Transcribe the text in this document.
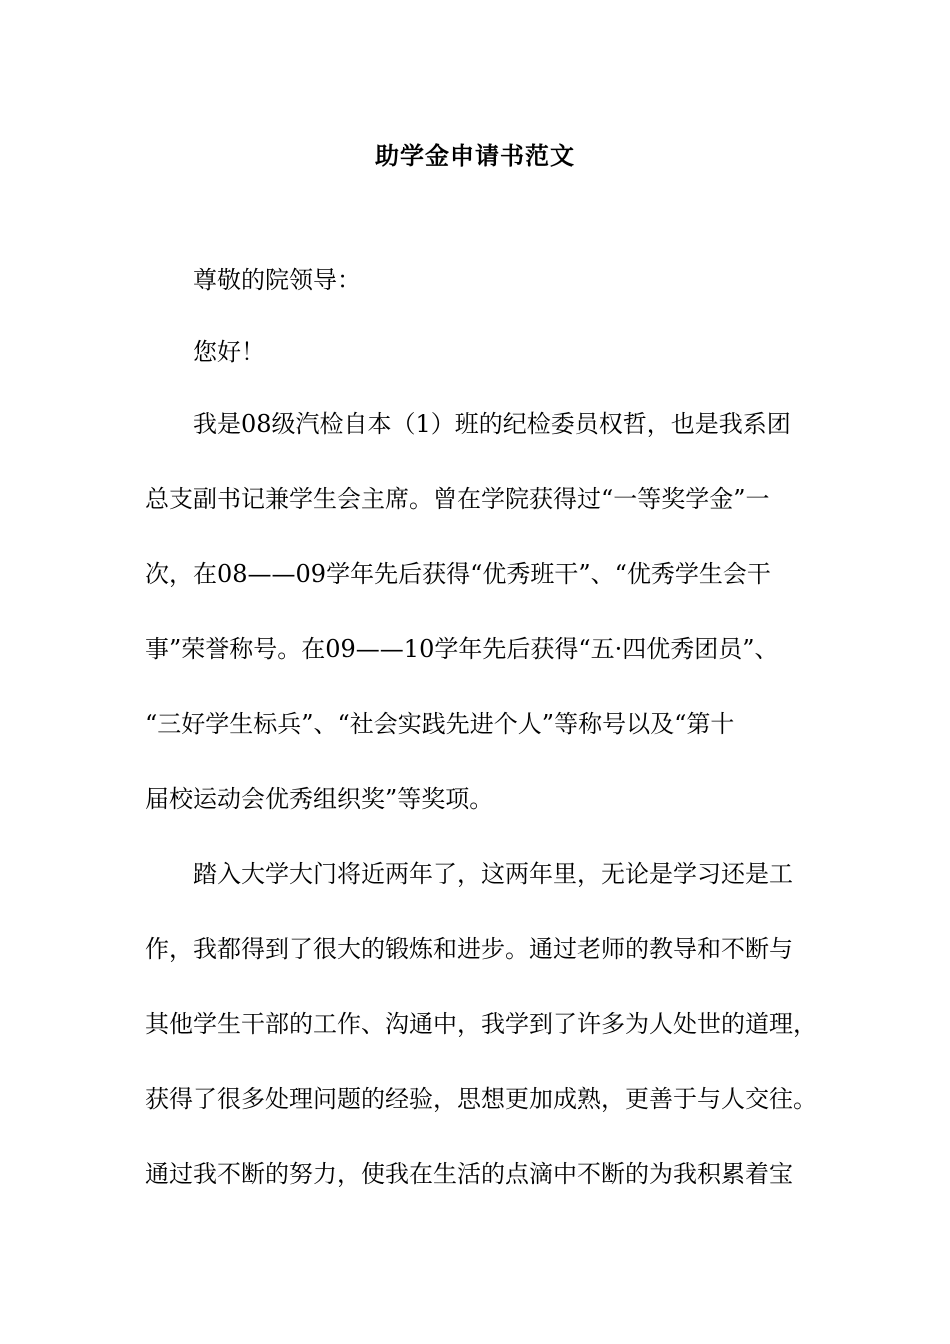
助学金申请书范文
尊敬的院领导：
您好！
我是08级汽检自本（1）班的纪检委员权哲，也是我系团
总支副书记兼学生会主席。曾在学院获得过“一等奖学金”一
次，在08——09学年先后获得“优秀班干”、“优秀学生会干
事”荣誉称号。在09——10学年先后获得“五·四优秀团员”、
“三好学生标兵”、“社会实践先进个人”等称号以及“第十
届校运动会优秀组织奖”等奖项。
踏入大学大门将近两年了，这两年里，无论是学习还是工
作，我都得到了很大的锻炼和进步。通过老师的教导和不断与
其他学生干部的工作、沟通中，我学到了许多为人处世的道理，
获得了很多处理问题的经验，思想更加成熟，更善于与人交往。
通过我不断的努力，使我在生活的点滴中不断的为我积累着宝
